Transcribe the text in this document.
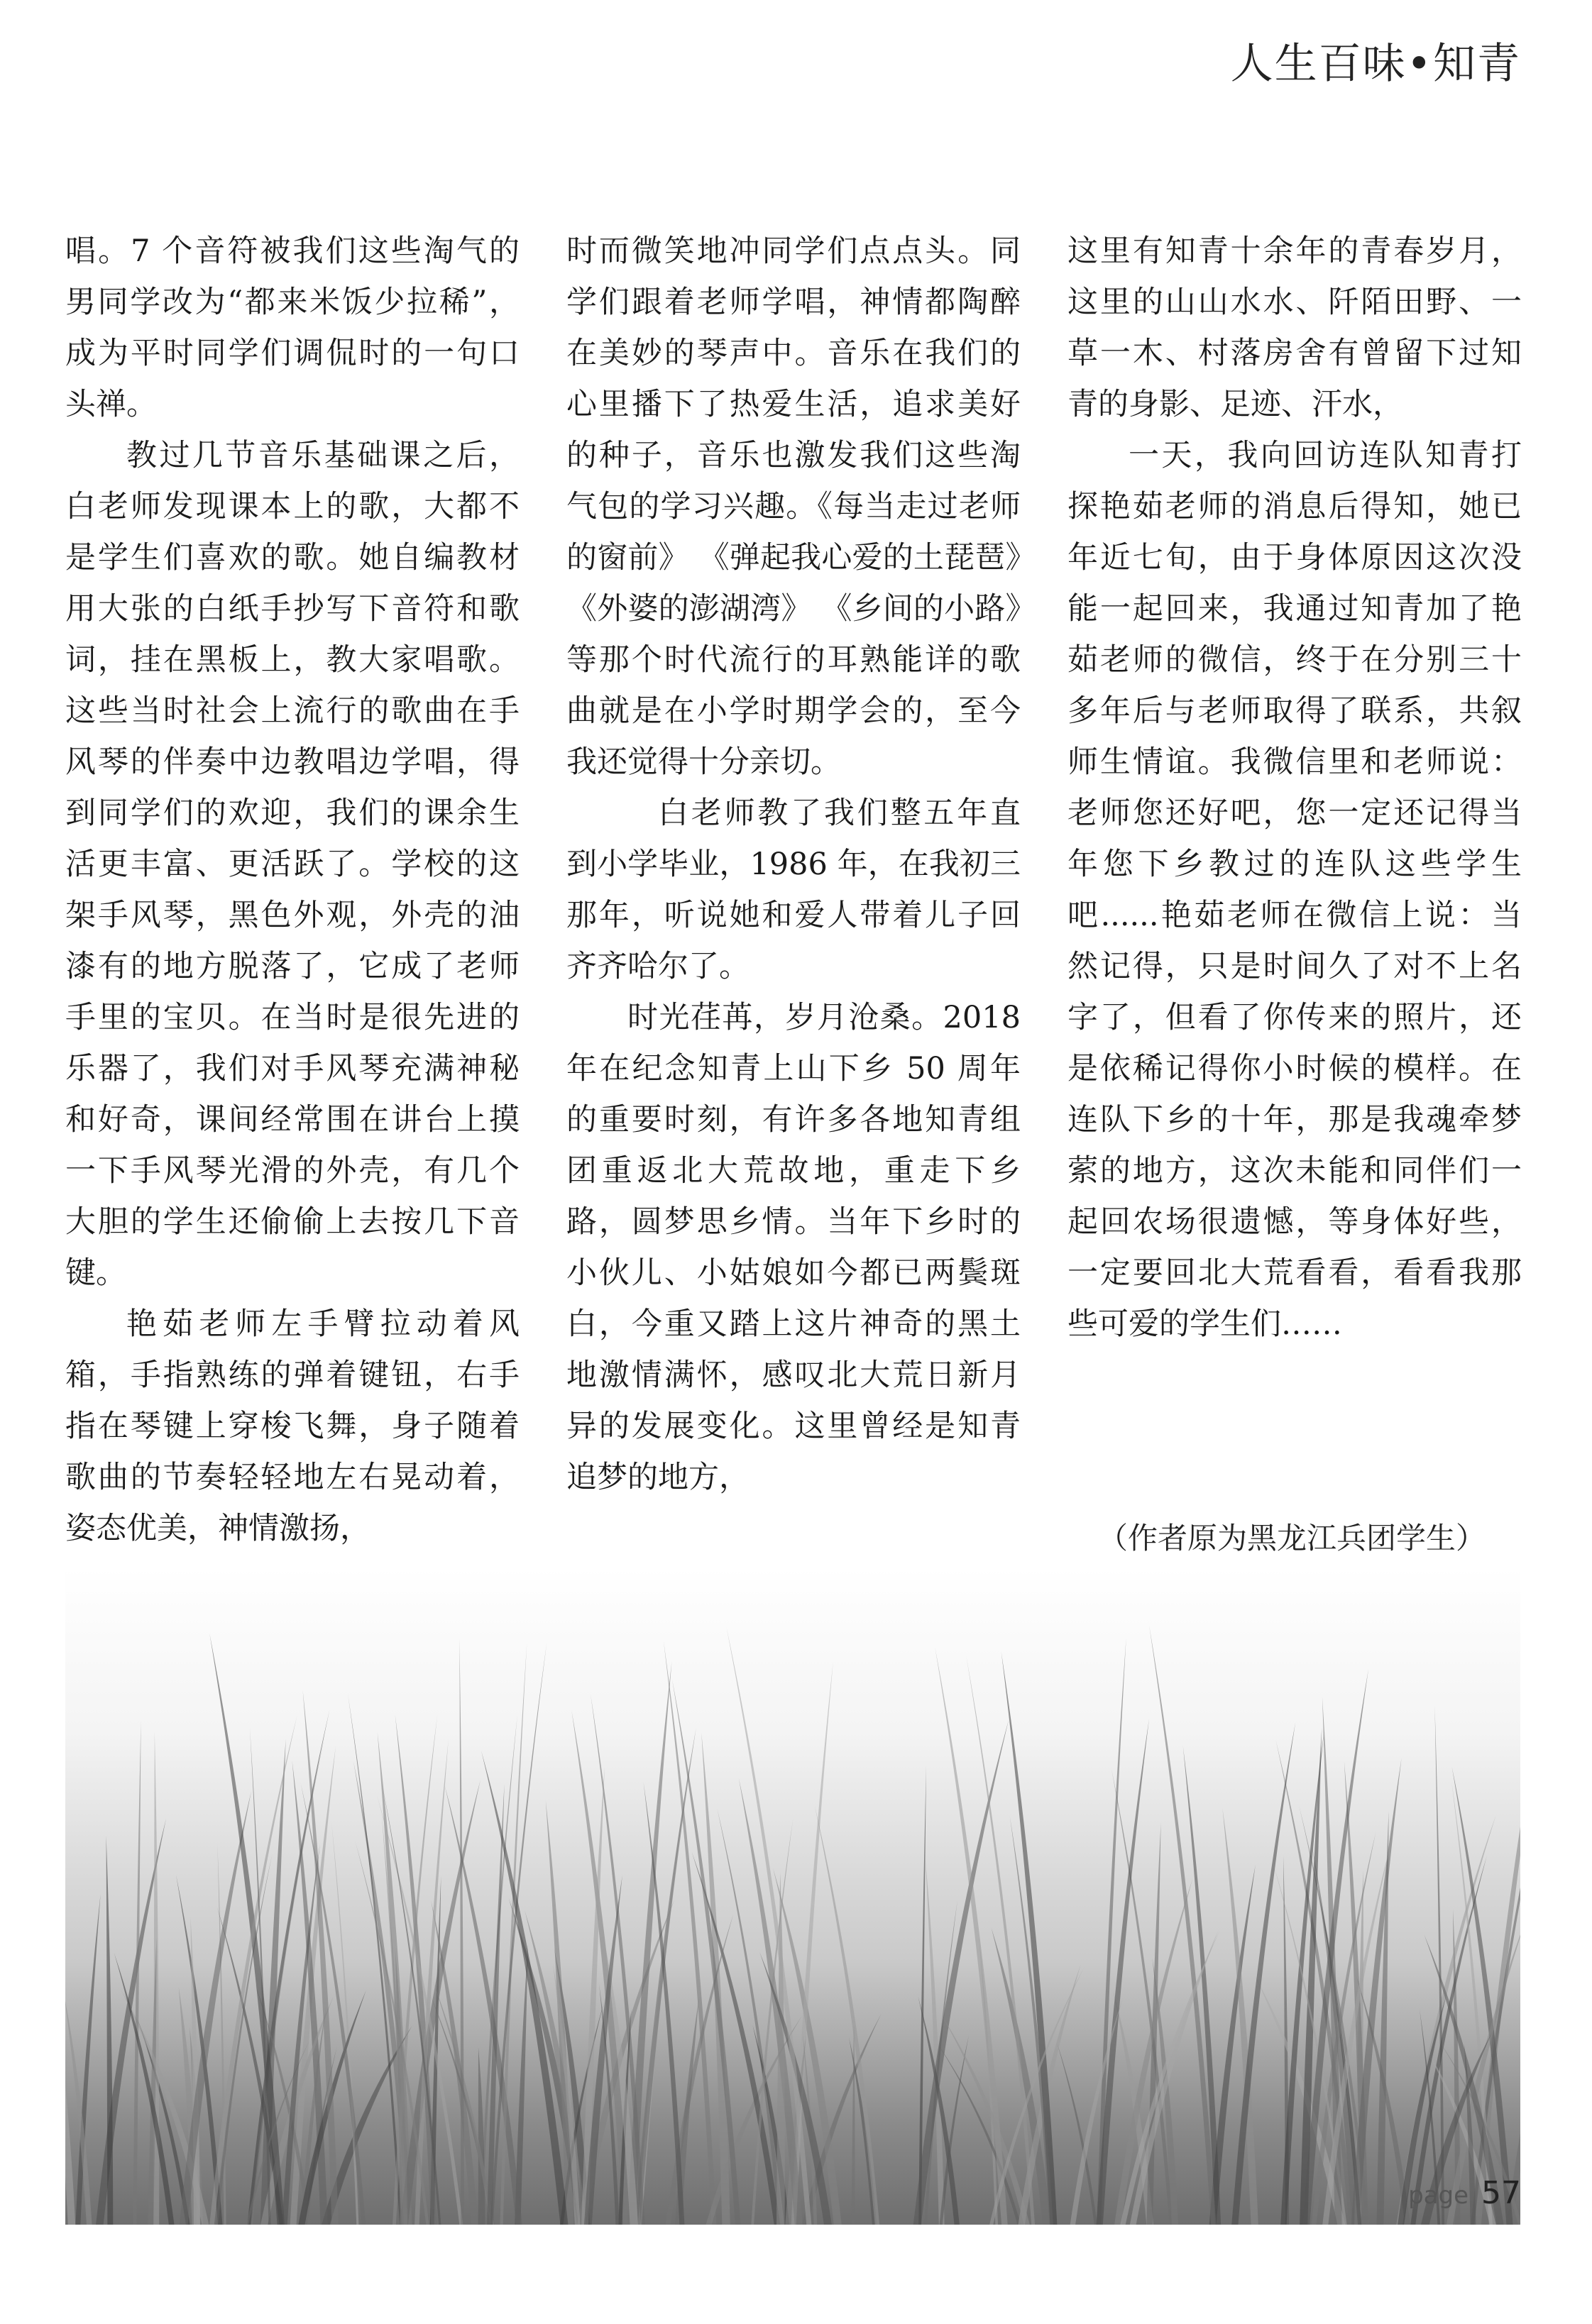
人生百味•知青

唱。7 个音符被我们这些淘气的男同学改为“都来米饭少拉稀”，成为平时同学们调侃时的一句口头禅。

教过几节音乐基础课之后，白老师发现课本上的歌，大都不是学生们喜欢的歌。她自编教材用大张的白纸手抄写下音符和歌词，挂在黑板上，教大家唱歌。这些当时社会上流行的歌曲在手风琴的伴奏中边教唱边学唱，得到同学们的欢迎，我们的课余生活更丰富、更活跃了。学校的这架手风琴，黑色外观，外壳的油漆有的地方脱落了，它成了老师手里的宝贝。在当时是很先进的乐器了，我们对手风琴充满神秘和好奇，课间经常围在讲台上摸一下手风琴光滑的外壳，有几个大胆的学生还偷偷上去按几下音键。

艳茹老师左手臂拉动着风箱，手指熟练的弹着键钮，右手指在琴键上穿梭飞舞，身子随着歌曲的节奏轻轻地左右晃动着，姿态优美，神情激扬，

时而微笑地冲同学们点点头。同学们跟着老师学唱，神情都陶醉在美妙的琴声中。音乐在我们的心里播下了热爱生活，追求美好的种子，音乐也激发我们这些淘气包的学习兴趣。《每当走过老师的窗前》 《弹起我心爱的土琵琶》《外婆的澎湖湾》 《乡间的小路》等那个时代流行的耳熟能详的歌曲就是在小学时期学会的，至今我还觉得十分亲切。

白老师教了我们整五年直到小学毕业，1986 年，在我初三那年，听说她和爱人带着儿子回齐齐哈尔了。

时光荏苒，岁月沧桑。2018 年在纪念知青上山下乡 50 周年的重要时刻，有许多各地知青组团重返北大荒故地，重走下乡路，圆梦思乡情。当年下乡时的小伙儿、小姑娘如今都已两鬓斑白，今重又踏上这片神奇的黑土地激情满怀，感叹北大荒日新月异的发展变化。这里曾经是知青追梦的地方，

这里有知青十余年的青春岁月，这里的山山水水、阡陌田野、一草一木、村落房舍有曾留下过知青的身影、足迹、汗水，

一天，我向回访连队知青打探艳茹老师的消息后得知，她已年近七旬，由于身体原因这次没能一起回来，我通过知青加了艳茹老师的微信，终于在分别三十多年后与老师取得了联系，共叙师生情谊。我微信里和老师说：老师您还好吧，您一定还记得当年您下乡教过的连队这些学生吧......艳茹老师在微信上说：当然记得，只是时间久了对不上名字了，但看了你传来的照片，还是依稀记得你小时候的模样。在连队下乡的十年，那是我魂牵梦萦的地方，这次未能和同伴们一起回农场很遗憾，等身体好些，一定要回北大荒看看，看看我那些可爱的学生们……

（作者原为黑龙江兵团学生）
page 57
